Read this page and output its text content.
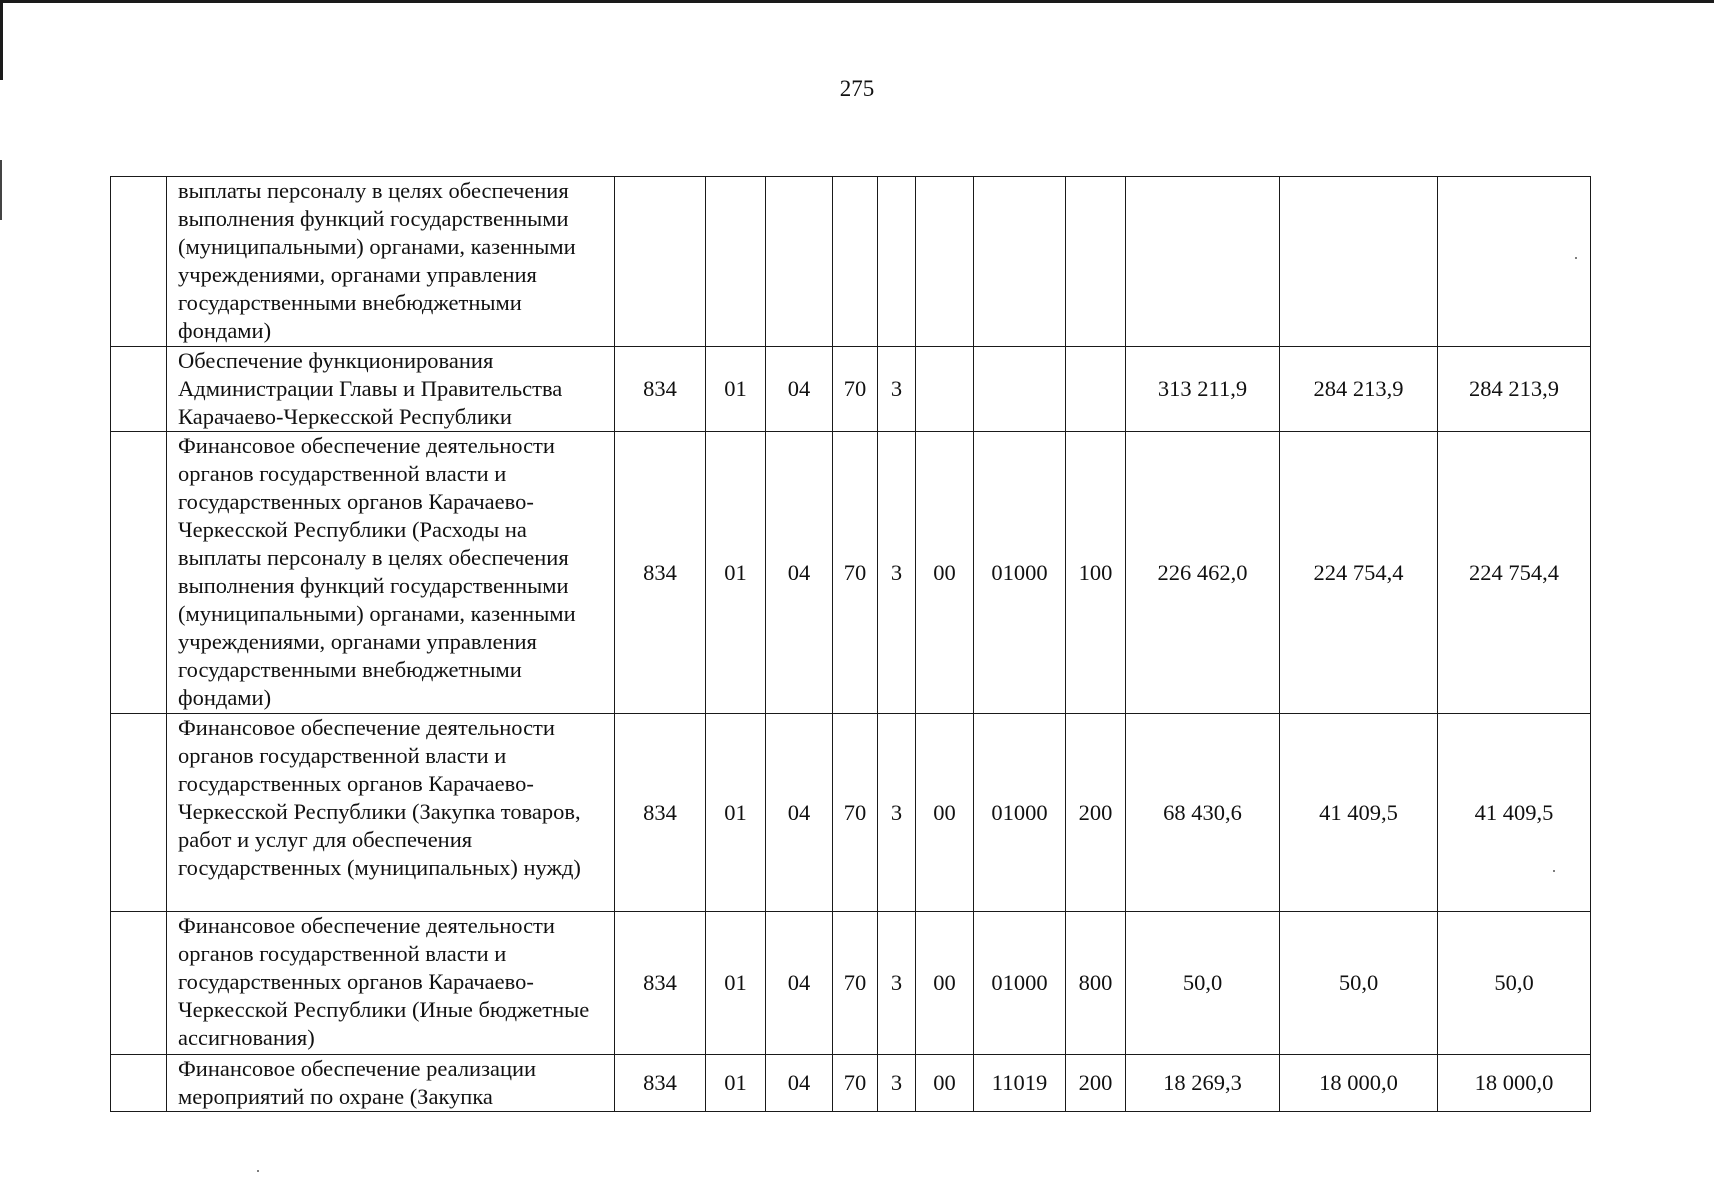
275
	выплаты персоналу в целях обеспечения выполнения функций государственными (муниципальными) органами, казенными учреждениями, органами управления государственными внебюджетными фондами)											
	Обеспечение функционирования Администрации Главы и Правительства Карачаево-Черкесской Республики	834	01	04	70	3				313 211,9	284 213,9	284 213,9
	Финансовое обеспечение деятельности органов государственной власти и государственных органов Карачаево-Черкесской Республики (Расходы на выплаты персоналу в целях обеспечения выполнения функций государственными (муниципальными) органами, казенными учреждениями, органами управления государственными внебюджетными фондами)	834	01	04	70	3	00	01000	100	226 462,0	224 754,4	224 754,4
	Финансовое обеспечение деятельности органов государственной власти и государственных органов Карачаево-Черкесской Республики (Закупка товаров, работ и услуг для обеспечения государственных (муниципальных) нужд)	834	01	04	70	3	00	01000	200	68 430,6	41 409,5	41 409,5
	Финансовое обеспечение деятельности органов государственной власти и государственных органов Карачаево-Черкесской Республики (Иные бюджетные ассигнования)	834	01	04	70	3	00	01000	800	50,0	50,0	50,0
	Финансовое обеспечение реализации мероприятий по охране (Закупка	834	01	04	70	3	00	11019	200	18 269,3	18 000,0	18 000,0
